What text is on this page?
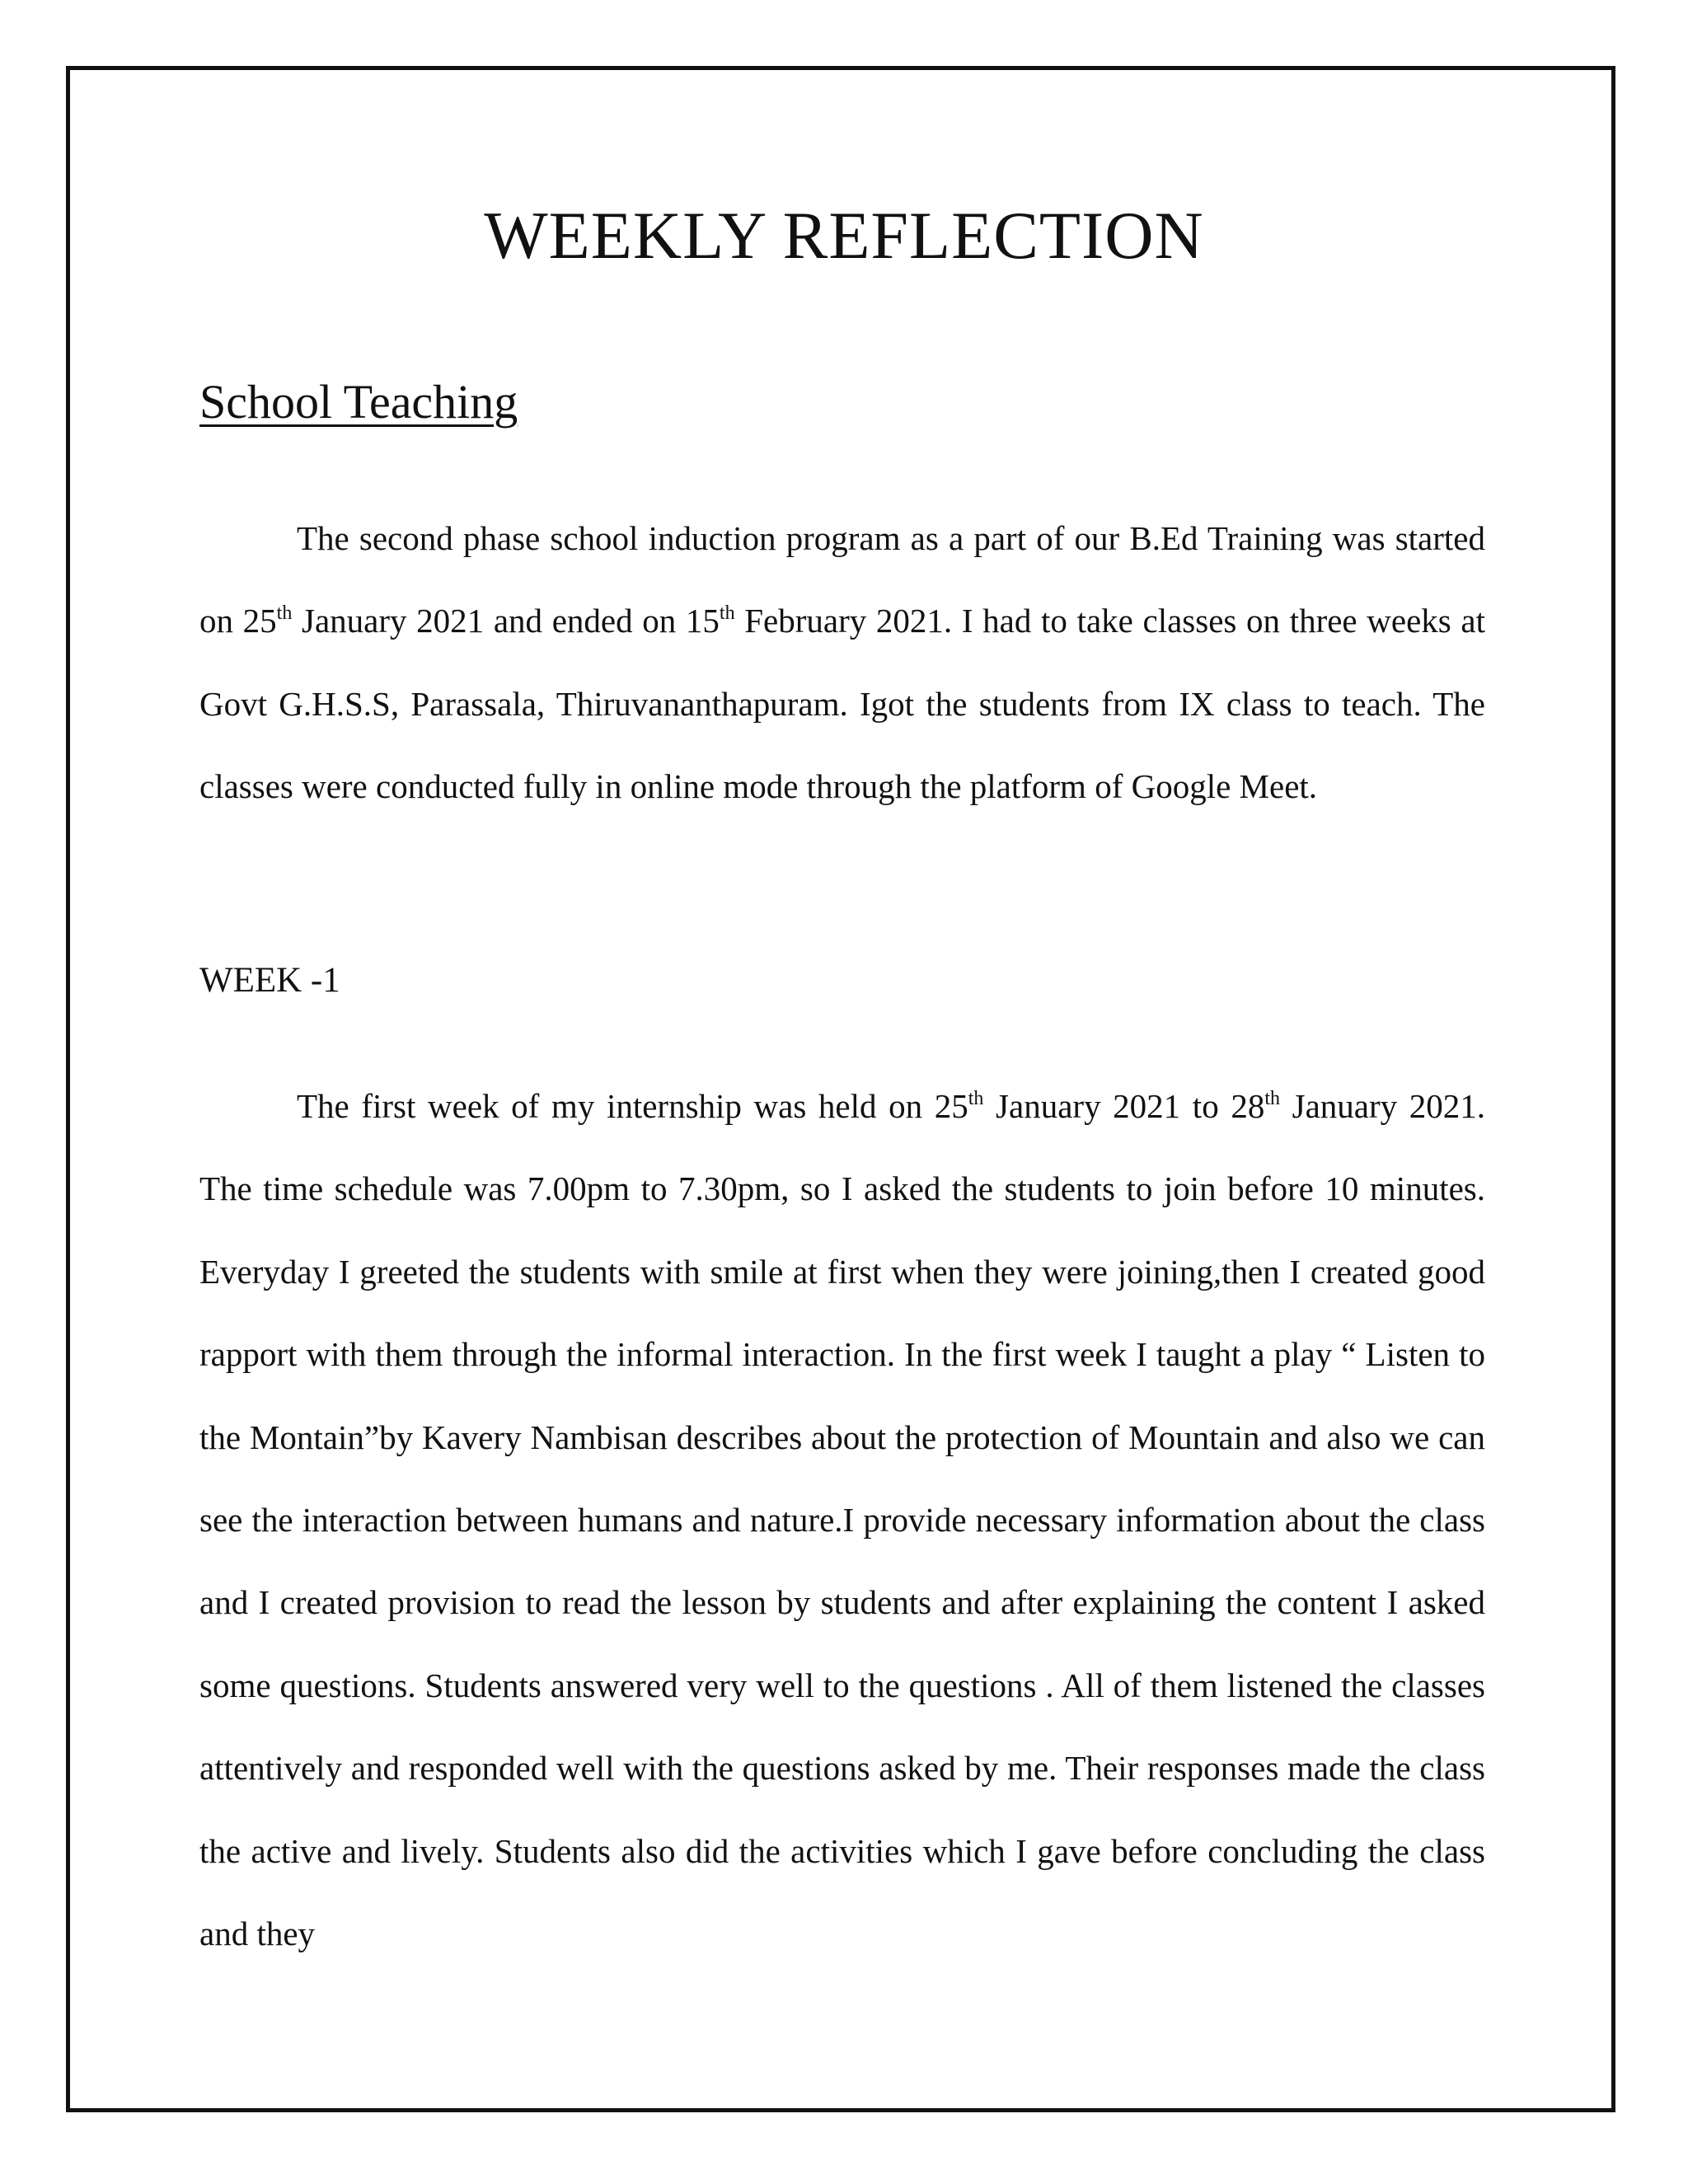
WEEKLY REFLECTION
School Teaching

The second phase school induction program as a part of our B.Ed Training was started on 25th January 2021 and ended on 15th February 2021. I had to take classes on three weeks at Govt G.H.S.S, Parassala, Thiruvananthapuram. Igot the students from IX class to teach. The classes were conducted fully in online mode through the platform of Google Meet.

WEEK -1

The first week of my internship was held on 25th January 2021 to 28th January 2021. The time schedule was 7.00pm to 7.30pm, so I asked the students to join before 10 minutes. Everyday I greeted the students with smile at first when they were joining,then I created good rapport with them through the informal interaction. In the first week I taught a play “ Listen to the Montain”by Kavery Nambisan describes about the protection of Mountain and also we can see the interaction between humans and nature.I provide necessary information about the class and I created provision to read the lesson by students and after explaining the content I asked some questions. Students answered very well to the questions . All of them listened the classes attentively and responded well with the questions asked by me. Their responses made the class the active and lively. Students also did the activities which I gave before concluding the class and they
